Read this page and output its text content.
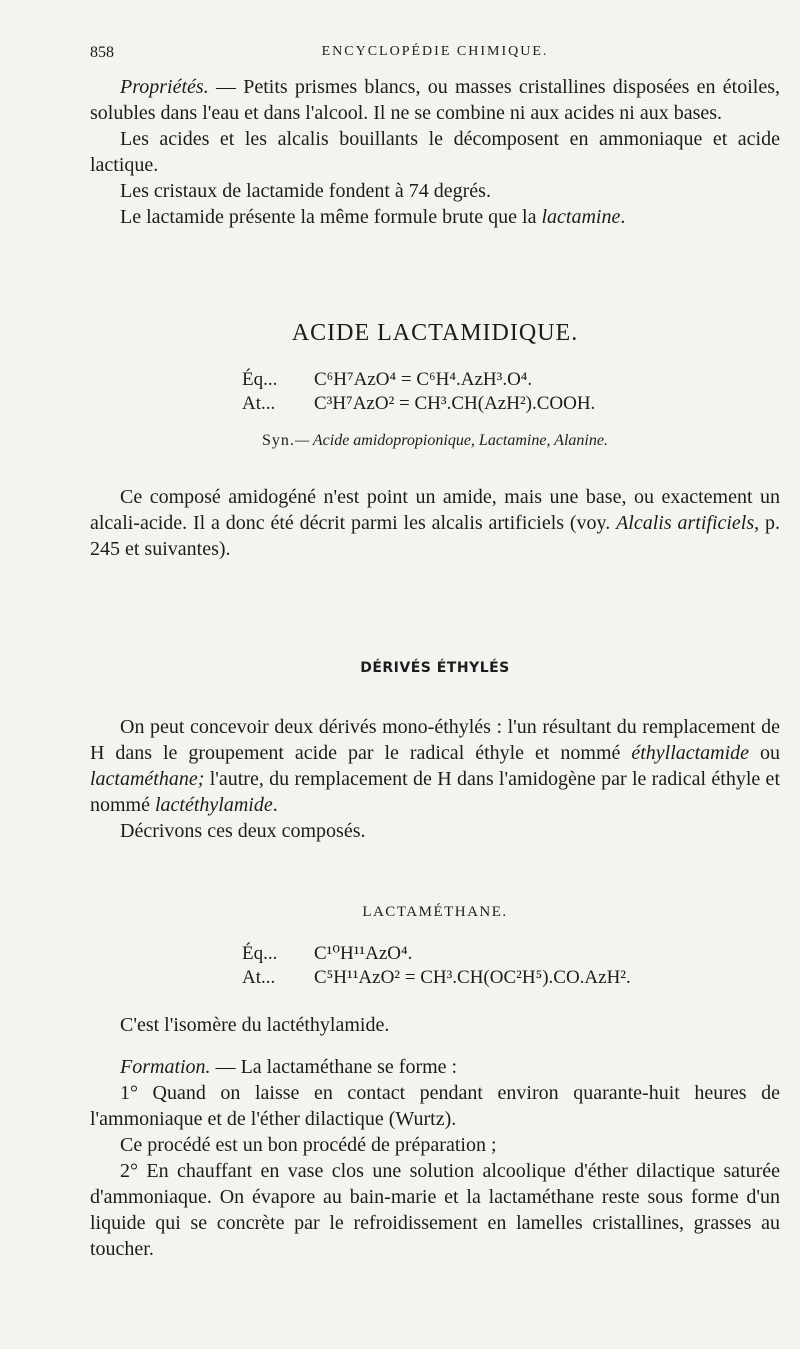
858	ENCYCLOPÉDIE CHIMIQUE.

  Propriétés. — Petits prismes blancs, ou masses cristallines disposées en étoiles, solubles dans l'eau et dans l'alcool. Il ne se combine ni aux acides ni aux bases.

  Les acides et les alcalis bouillants le décomposent en ammoniaque et acide lactique.

  Les cristaux de lactamide fondent à 74 degrés.

  Le lactamide présente la même formule brute que la lactamine.

ACIDE LACTAMIDIQUE.
Éq... C⁶H⁷AzO⁴ = C⁶H⁴.AzH³.O⁴.
At... C³H⁷AzO² = CH³.CH(AzH²).COOH.
Syn.— Acide amidopropionique, Lactamine, Alanine.

  Ce composé amidogéné n'est point un amide, mais une base, ou exactement un alcali-acide. Il a donc été décrit parmi les alcalis artificiels (voy. Alcalis artificiels, p. 245 et suivantes).

DÉRIVÉS ÉTHYLÉS

  On peut concevoir deux dérivés mono-éthylés : l'un résultant du remplacement de H dans le groupement acide par le radical éthyle et nommé éthyllactamide ou lactaméthane; l'autre, du remplacement de H dans l'amidogène par le radical éthyle et nommé lactéthylamide.

  Décrivons ces deux composés.

LACTAMÉTHANE.
Éq... C¹⁰H¹¹AzO⁴.
At... C⁵H¹¹AzO² = CH³.CH(OC²H⁵).CO.AzH².

  C'est l'isomère du lactéthylamide.

  Formation. — La lactaméthane se forme :

  1° Quand on laisse en contact pendant environ quarante-huit heures de l'ammoniaque et de l'éther dilactique (Wurtz).

  Ce procédé est un bon procédé de préparation ;

  2° En chauffant en vase clos une solution alcoolique d'éther dilactique saturée d'ammoniaque. On évapore au bain-marie et la lactaméthane reste sous forme d'un liquide qui se concrète par le refroidissement en lamelles cristallines, grasses au toucher.
